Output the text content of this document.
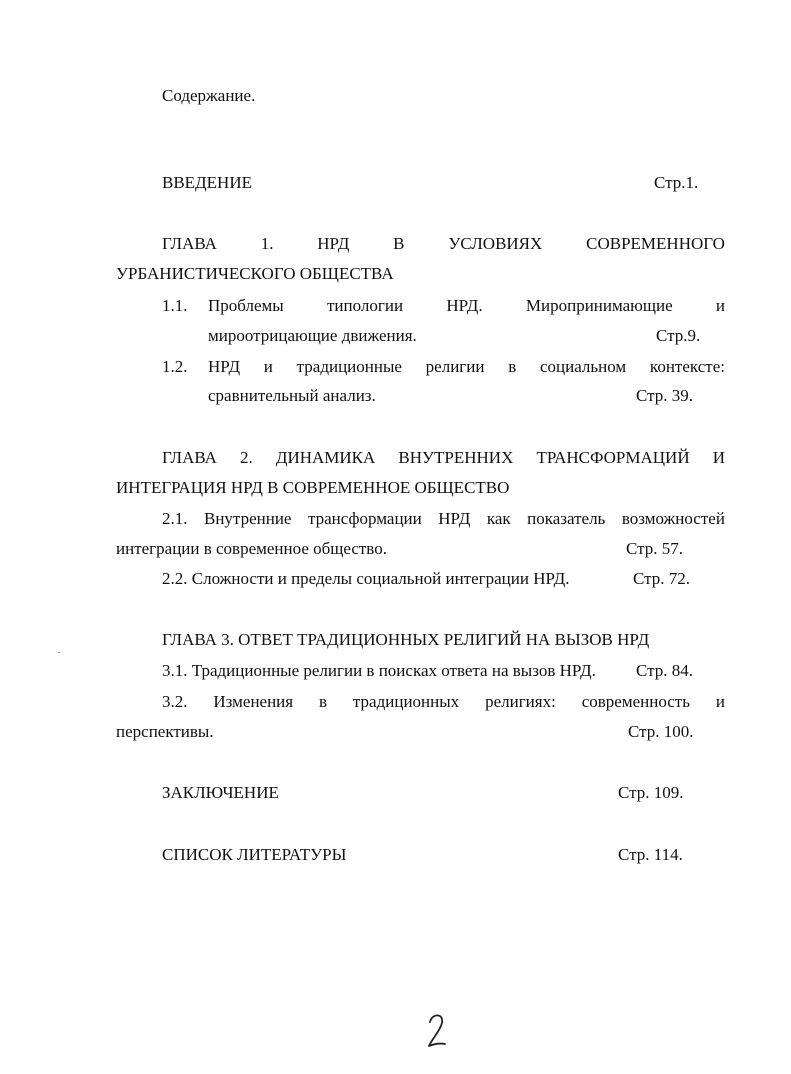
Содержание.
ВВЕДЕНИЕ	Стр.1.
ГЛАВА	1.	НРД	В	УСЛОВИЯХ	СОВРЕМЕННОГО
УРБАНИСТИЧЕСКОГО ОБЩЕСТВА
1.1. Проблемы	типологии	НРД.	Миропринимающие	и
мироотрицающие движения.	Стр.9.
1.2. НРД и традиционные религии в социальном контексте:
сравнительный анализ.	Стр. 39.
ГЛАВА 2. ДИНАМИКА ВНУТРЕННИХ ТРАНСФОРМАЦИЙ И
ИНТЕГРАЦИЯ НРД В СОВРЕМЕННОЕ ОБЩЕСТВО
2.1. Внутренние трансформации НРД как показатель возможностей
интеграции в современное общество.	Стр. 57.
2.2. Сложности и пределы социальной интеграции НРД.	Стр. 72.
ГЛАВА 3. ОТВЕТ ТРАДИЦИОННЫХ РЕЛИГИЙ НА ВЫЗОВ НРД
3.1. Традиционные религии в поисках ответа на вызов НРД. Стр. 84.
3.2. Изменения в традиционных религиях: современность и
перспективы.	Стр. 100.
ЗАКЛЮЧЕНИЕ	Стр. 109.
СПИСОК ЛИТЕРАТУРЫ	Стр. 114.
